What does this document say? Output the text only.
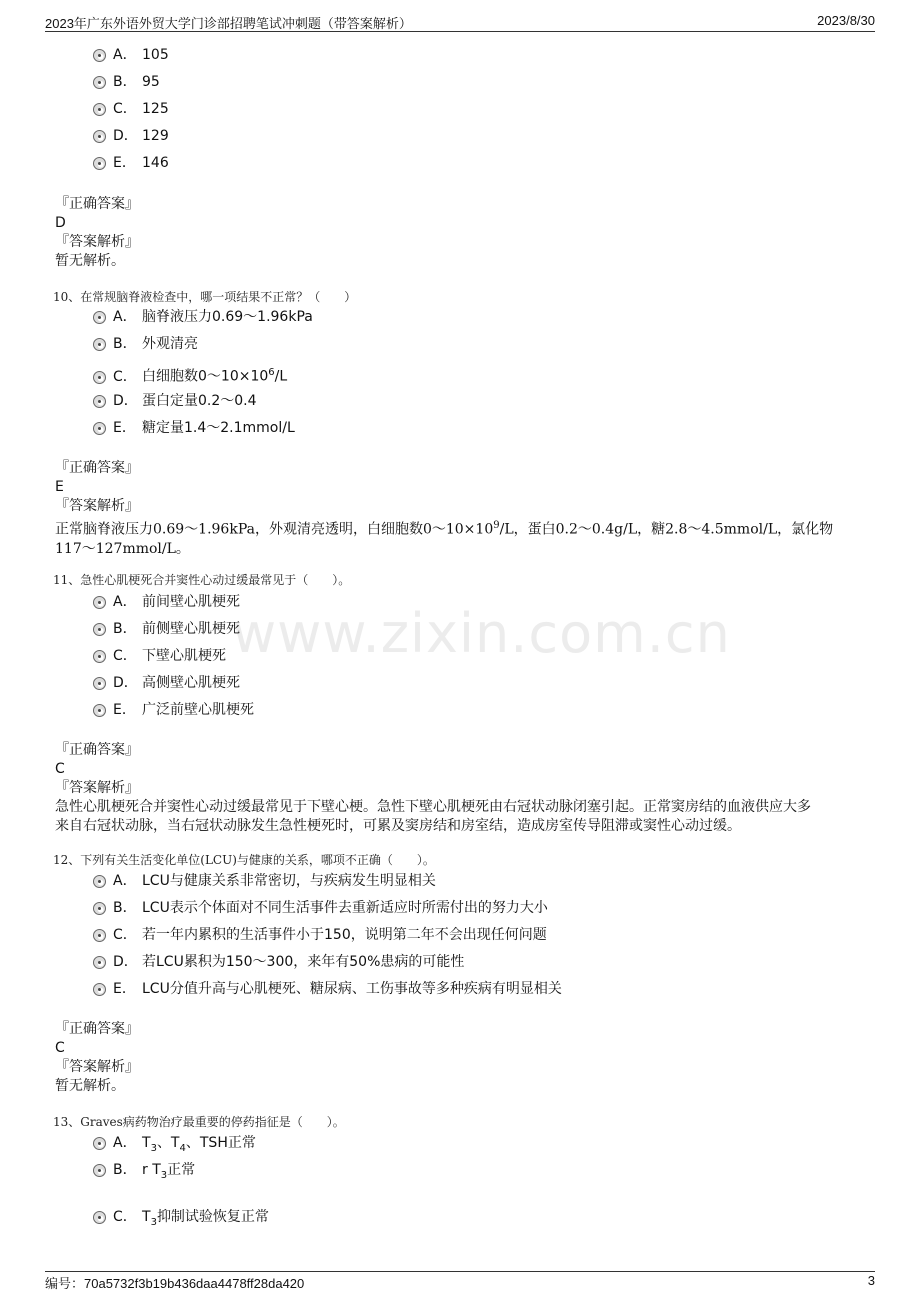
2023年广东外语外贸大学门诊部招聘笔试冲刺题（带答案解析）	2023/8/30
www.zixin.com.cn
A． 105
B． 95
C． 125
D． 129
E． 146
『正确答案』
D
『答案解析』
暂无解析。
10、在常规脑脊液检查中，哪一项结果不正常？（　　）
A． 脑脊液压力0.69～1.96kPa
B． 外观清亮
C． 白细胞数$0\sim 10\times 10^6/L$
D． 蛋白定量0.2～0.4
E． 糖定量1.4～2.1mmol/L
『正确答案』
E
『答案解析』
正常脑脊液压力0.69～1.96kPa，外观清亮透明，白细胞数$0\sim 10\times 10^9/L$，蛋白0.2～0.4g/L，糖2.8～4.5mmol/L，氯化物
117～127mmol/L。
11、急性心肌梗死合并窦性心动过缓最常见于（　　）。
A． 前间壁心肌梗死
B． 前侧壁心肌梗死
C． 下壁心肌梗死
D． 高侧壁心肌梗死
E． 广泛前壁心肌梗死
『正确答案』
C
『答案解析』
急性心肌梗死合并窦性心动过缓最常见于下壁心梗。急性下壁心肌梗死由右冠状动脉闭塞引起。正常窦房结的血液供应大多
来自右冠状动脉，当右冠状动脉发生急性梗死时，可累及窦房结和房室结，造成房室传导阻滞或窦性心动过缓。
12、下列有关生活变化单位(LCU)与健康的关系，哪项不正确（　　）。
A． LCU与健康关系非常密切，与疾病发生明显相关
B． LCU表示个体面对不同生活事件去重新适应时所需付出的努力大小
C． 若一年内累积的生活事件小于150，说明第二年不会出现任何问题
D． 若LCU累积为150～300，来年有50%患病的可能性
E． LCU分值升高与心肌梗死、糖尿病、工伤事故等多种疾病有明显相关
『正确答案』
C
『答案解析』
暂无解析。
13、Graves病药物治疗最重要的停药指征是（　　）。
A． $T_3$、$T_4$、TSH正常
B． r $T_3$正常
C． $T_3$抑制试验恢复正常
编号：70a5732f3b19b436daa4478ff28da420	3
